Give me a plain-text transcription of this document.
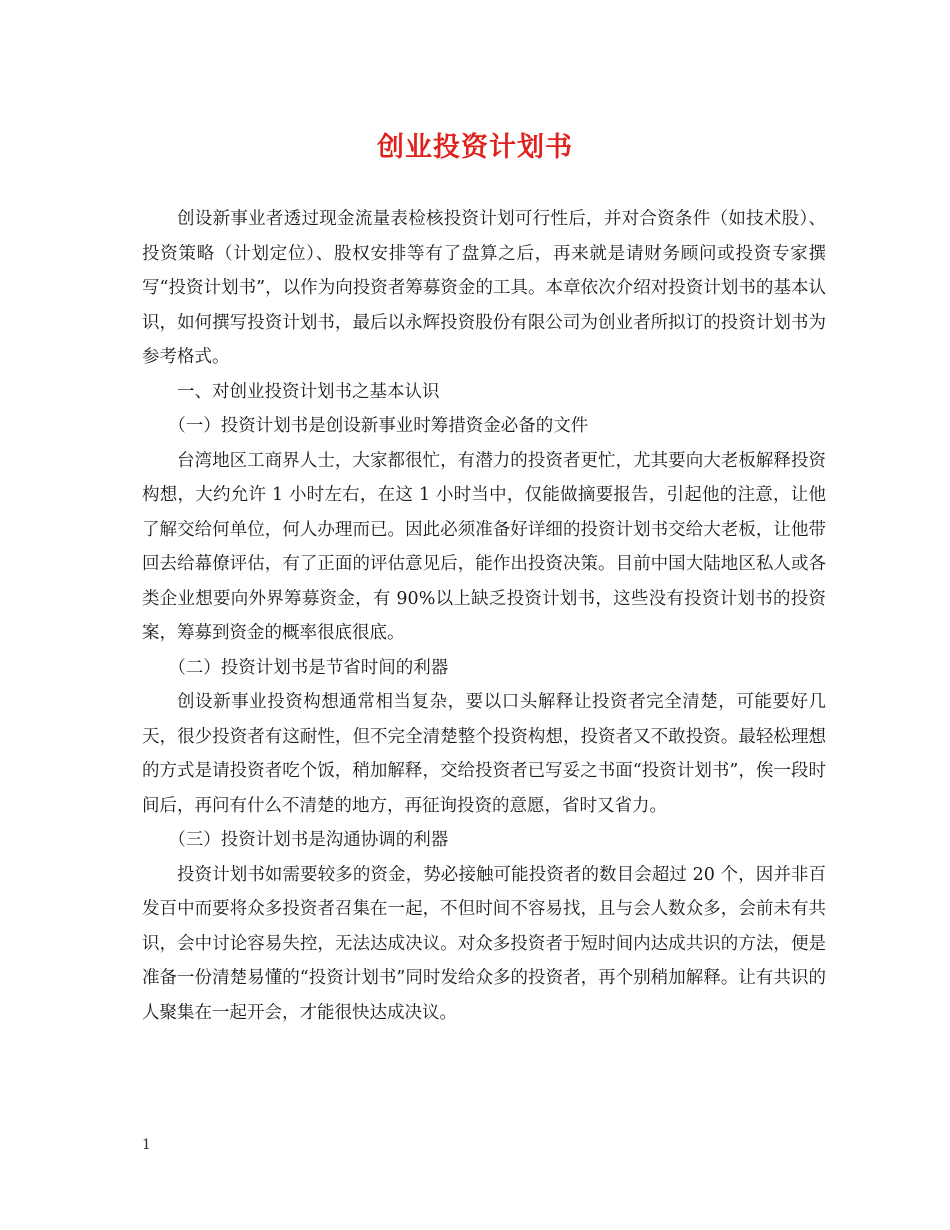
创业投资计划书

创设新事业者透过现金流量表检核投资计划可行性后，并对合资条件（如技术股）、投资策略（计划定位）、股权安排等有了盘算之后，再来就是请财务顾问或投资专家撰写“投资计划书”，以作为向投资者筹募资金的工具。本章依次介绍对投资计划书的基本认识，如何撰写投资计划书，最后以永辉投资股份有限公司为创业者所拟订的投资计划书为参考格式。

一、对创业投资计划书之基本认识

（一）投资计划书是创设新事业时筹措资金必备的文件

台湾地区工商界人士，大家都很忙，有潜力的投资者更忙，尤其要向大老板解释投资构想，大约允许 1 小时左右，在这 1 小时当中，仅能做摘要报告，引起他的注意，让他了解交给何单位，何人办理而已。因此必须准备好详细的投资计划书交给大老板，让他带回去给幕僚评估，有了正面的评估意见后，能作出投资决策。目前中国大陆地区私人或各类企业想要向外界筹募资金，有 90%以上缺乏投资计划书，这些没有投资计划书的投资案，筹募到资金的概率很底很底。

（二）投资计划书是节省时间的利器

创设新事业投资构想通常相当复杂，要以口头解释让投资者完全清楚，可能要好几天，很少投资者有这耐性，但不完全清楚整个投资构想，投资者又不敢投资。最轻松理想的方式是请投资者吃个饭，稍加解释，交给投资者已写妥之书面“投资计划书”，俟一段时间后，再问有什么不清楚的地方，再征询投资的意愿，省时又省力。

（三）投资计划书是沟通协调的利器

投资计划书如需要较多的资金，势必接触可能投资者的数目会超过 20 个，因并非百发百中而要将众多投资者召集在一起，不但时间不容易找，且与会人数众多，会前未有共识，会中讨论容易失控，无法达成决议。对众多投资者于短时间内达成共识的方法，便是准备一份清楚易懂的“投资计划书”同时发给众多的投资者，再个别稍加解释。让有共识的人聚集在一起开会，才能很快达成决议。

1
